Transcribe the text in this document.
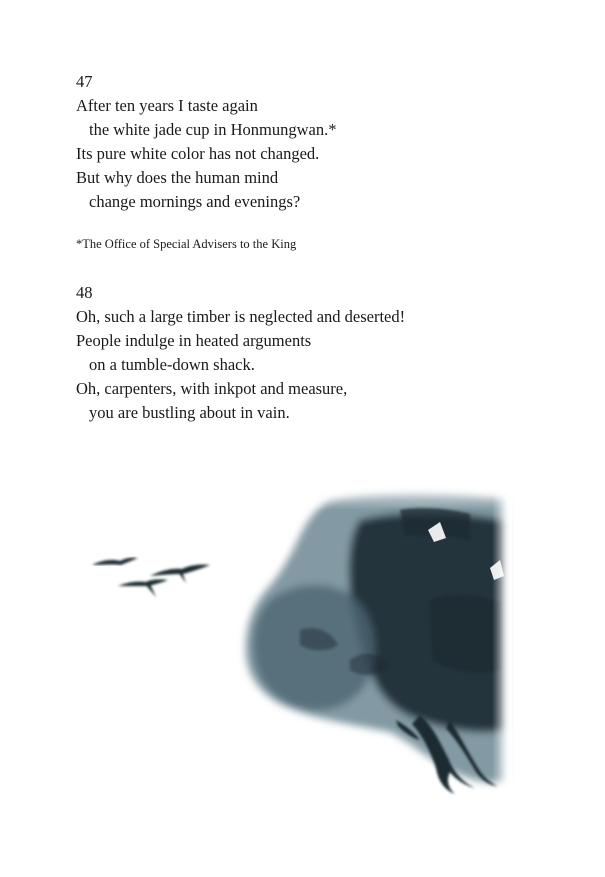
47

After ten years I taste again

the white jade cup in Honmungwan.*

Its pure white color has not changed.

But why does the human mind

change mornings and evenings?

*The Office of Special Advisers to the King

48

Oh, such a large timber is neglected and deserted!

People indulge in heated arguments

on a tumble-down shack.

Oh, carpenters, with inkpot and measure,

you are bustling about in vain.
